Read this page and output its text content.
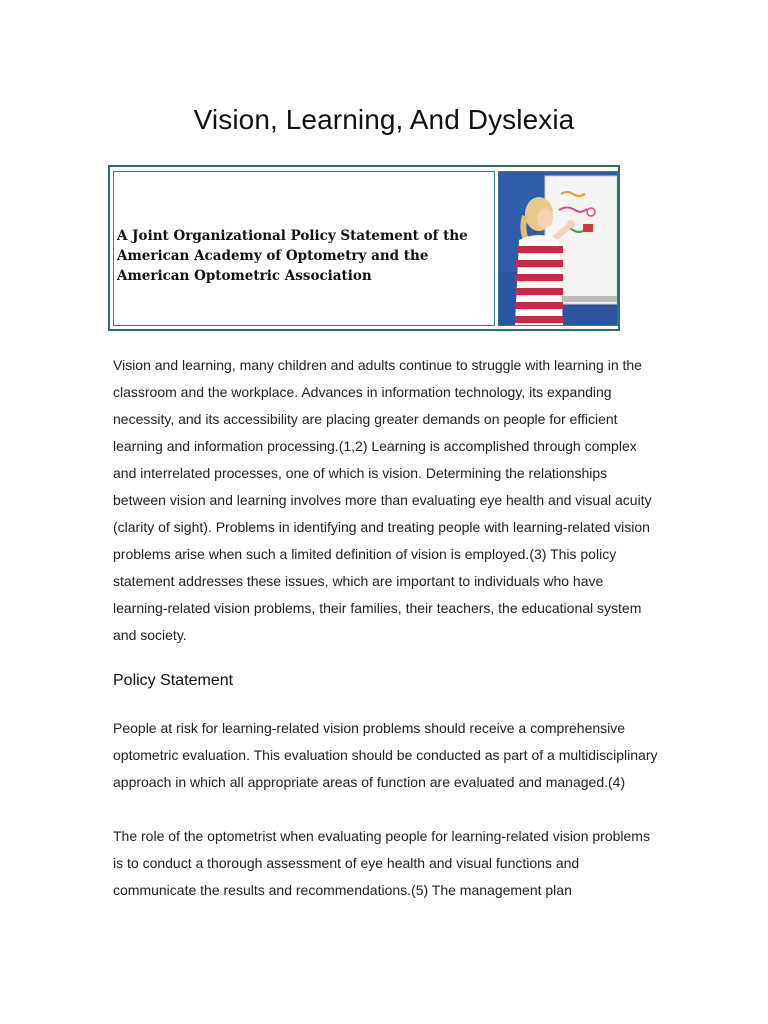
Vision, Learning, And Dyslexia

A Joint Organizational Policy Statement of the American Academy of Optometry and the American Optometric Association

Vision and learning, many children and adults continue to struggle with learning in the classroom and the workplace. Advances in information technology, its expanding necessity, and its accessibility are placing greater demands on people for efficient learning and information processing.(1,2) Learning is accomplished through complex and interrelated processes, one of which is vision. Determining the relationships between vision and learning involves more than evaluating eye health and visual acuity (clarity of sight). Problems in identifying and treating people with learning-related vision problems arise when such a limited definition of vision is employed.(3) This policy statement addresses these issues, which are important to individuals who have learning-related vision problems, their families, their teachers, the educational system and society.

Policy Statement

People at risk for learning-related vision problems should receive a comprehensive optometric evaluation. This evaluation should be conducted as part of a multidisciplinary approach in which all appropriate areas of function are evaluated and managed.(4)

The role of the optometrist when evaluating people for learning-related vision problems is to conduct a thorough assessment of eye health and visual functions and communicate the results and recommendations.(5) The management plan
